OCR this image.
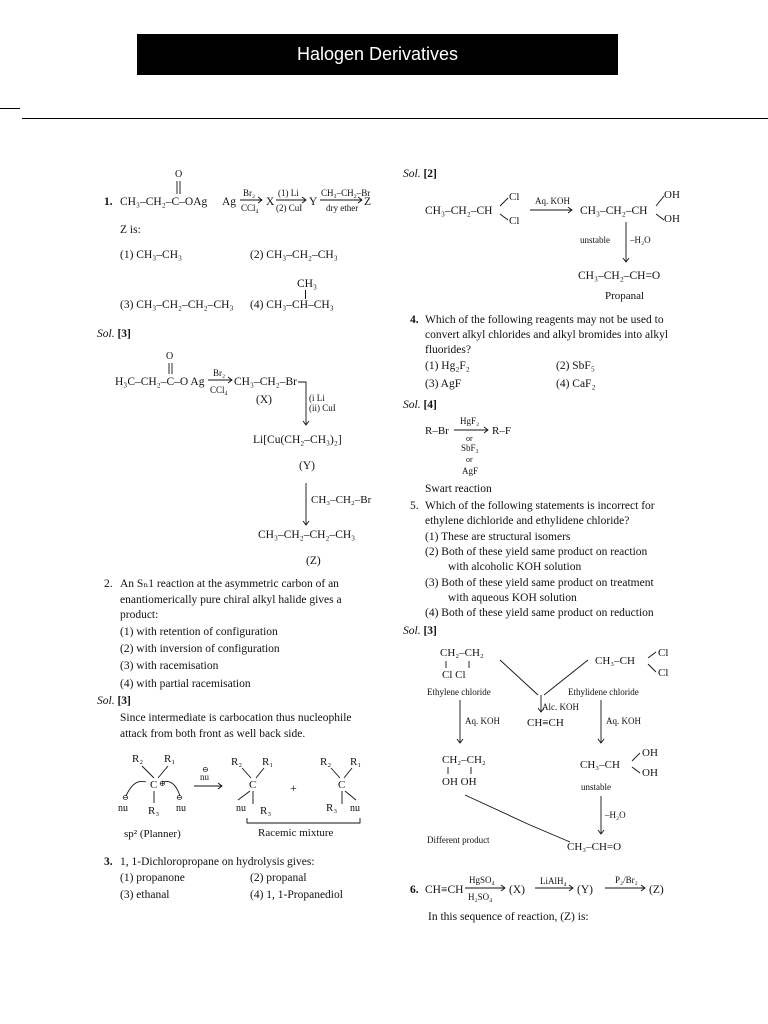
Halogen Derivatives
1. CH₃–CH₂–C–OAg
O
Ag
Br₂
CCl₄ X
(1) Li
(2) CuI Y
CH₃–CH₂–Br
dry ether Z
Z is:
(1) CH₃–CH₃	(2) CH₃–CH₂–CH₃
(3) CH₃–CH₂–CH₂–CH₃
CH₃
(4) CH₃–CH–CH₃
Sol. [3]
O
H₃C–CH₂–C–O Ag
Br₂
CCl₄
CH₃–CH₂–Br
(X)	(i Li
(ii) CuI
Li[Cu(CH₂–CH₃)₂]
(Y)
CH₃–CH₂–Br
CH₃–CH₂–CH₂–CH₃
(Z)
2. An Sₙ1 reaction at the asymmetric carbon of an
enantiomerically pure chiral alkyl halide gives a
product:
(1) with retention of configuration
(2) with inversion of configuration
(3) with racemisation
(4) with partial racemisation
Sol. [3]
Since intermediate is carbocation thus nucleophile
attack from both front as well back side.
R₂ R₁
C ⊕
R₃
⊖
nu
⊖
nu
sp² (Planner)
⊖
nu
R₂ R₁
C
nu R₃
+
R₂ R₁
C
R₃ nu
Racemic mixture
3. 1, 1-Dichloropropane on hydrolysis gives:
(1) propanone	(2) propanal
(3) ethanal	(4) 1, 1-Propanediol
Sol. [2]
CH₃–CH₂–CH
Cl
Cl
Aq. KOH
CH₃–CH₂–CH
OH
OH
unstable –H₂O
CH₃–CH₂–CH=O
Propanal
4. Which of the following reagents may not be used to
convert alkyl chlorides and alkyl bromides into alkyl
fluorides?
(1) Hg₂F₂	(2) SbF₅
(3) AgF	(4) CaF₂
Sol. [4]
HgF₂
R–Br	R–F
or
SbF₃
or
AgF
Swart reaction
5. Which of the following statements is incorrect for
ethylene dichloride and ethylidene chloride?
(1) These are structural isomers
(2) Both of these yield same product on reaction
with alcoholic KOH solution
(3) Both of these yield same product on treatment
with aqueous KOH solution
(4) Both of these yield same product on reduction
Sol. [3]
CH₂–CH₂
Cl Cl
Ethylene chloride
CH₃–CH
Cl
Cl
Ethylidene chloride
Alc. KOH
CH≡CH
Aq. KOH
CH₂–CH₂
OH OH
Aq. KOH
CH₃–CH
OH
OH
unstable
–H₂O
CH₃–CH=O
Different product
6. CH≡CH
HgSO₄
H₂SO₄
(X)
LiAlH₄
(Y)
P₂/Br₂
(Z)
In this sequence of reaction, (Z) is:
